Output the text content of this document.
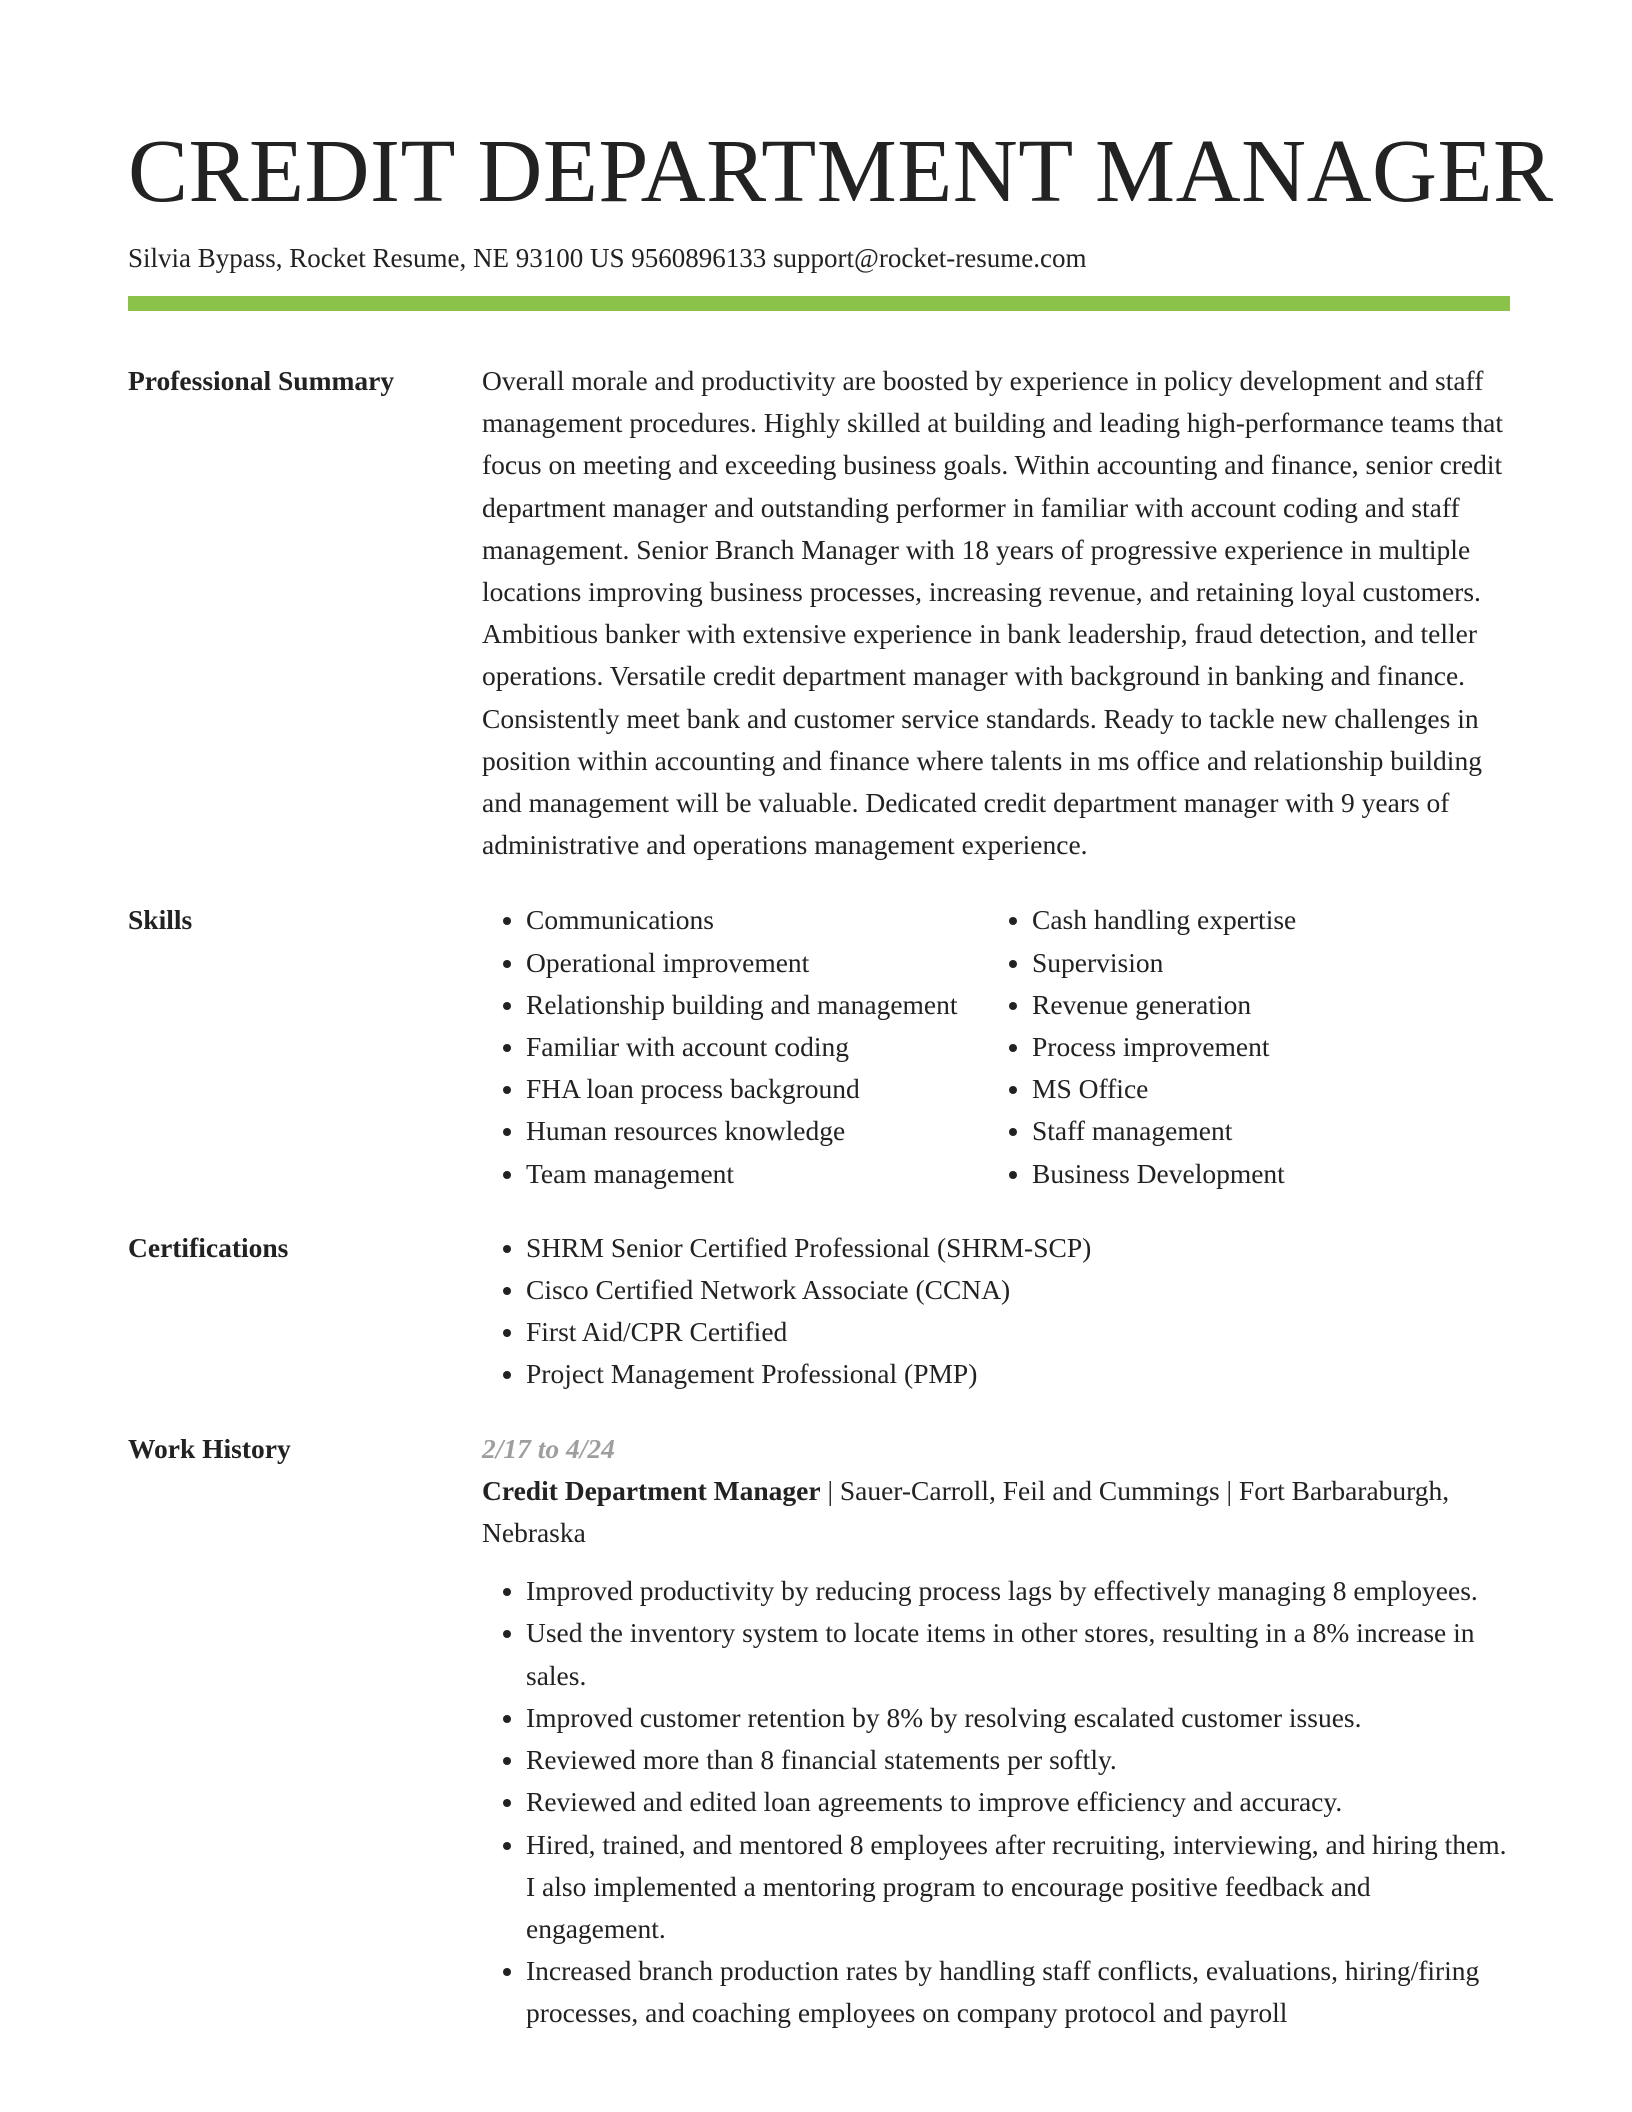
CREDIT DEPARTMENT MANAGER
Silvia Bypass, Rocket Resume, NE 93100 US 9560896133 support@rocket-resume.com
Professional Summary	Overall morale and productivity are boosted by experience in policy development and staff management procedures. Highly skilled at building and leading high-performance teams that focus on meeting and exceeding business goals. Within accounting and finance, senior credit department manager and outstanding performer in familiar with account coding and staff management. Senior Branch Manager with 18 years of progressive experience in multiple locations improving business processes, increasing revenue, and retaining loyal customers. Ambitious banker with extensive experience in bank leadership, fraud detection, and teller operations. Versatile credit department manager with background in banking and finance. Consistently meet bank and customer service standards. Ready to tackle new challenges in position within accounting and finance where talents in ms office and relationship building and management will be valuable. Dedicated credit department manager with 9 years of administrative and operations management experience.

Skills	• Communications
• Operational improvement
• Relationship building and management
• Familiar with account coding
• FHA loan process background
• Human resources knowledge
• Team management
• Cash handling expertise
• Supervision
• Revenue generation
• Process improvement
• MS Office
• Staff management
• Business Development
Certifications	• SHRM Senior Certified Professional (SHRM-SCP)
• Cisco Certified Network Associate (CCNA)
• First Aid/CPR Certified
• Project Management Professional (PMP)
Work History	2/17 to 4/24

Credit Department Manager | Sauer-Carroll, Feil and Cummings | Fort Barbaraburgh, Nebraska

• Improved productivity by reducing process lags by effectively managing 8 employees.
• Used the inventory system to locate items in other stores, resulting in a 8% increase in sales.
• Improved customer retention by 8% by resolving escalated customer issues.
• Reviewed more than 8 financial statements per softly.
• Reviewed and edited loan agreements to improve efficiency and accuracy.
• Hired, trained, and mentored 8 employees after recruiting, interviewing, and hiring them. I also implemented a mentoring program to encourage positive feedback and engagement.
• Increased branch production rates by handling staff conflicts, evaluations, hiring/firing processes, and coaching employees on company protocol and payroll
